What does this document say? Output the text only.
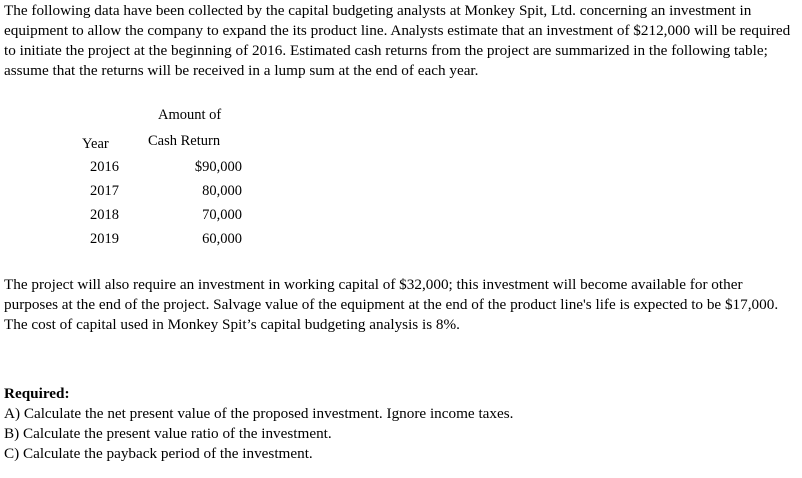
The following data have been collected by the capital budgeting analysts at Monkey Spit, Ltd. concerning an investment in equipment to allow the company to expand the its product line. Analysts estimate that an investment of $212,000 will be required to initiate the project at the beginning of 2016. Estimated cash returns from the project are summarized in the following table; assume that the returns will be received in a lump sum at the end of each year.

Amount of
Year	Cash Return
2016	$90,000
2017	80,000
2018	70,000
2019	60,000

The project will also require an investment in working capital of $32,000; this investment will become available for other purposes at the end of the project. Salvage value of the equipment at the end of the product line's life is expected to be $17,000. The cost of capital used in Monkey Spit’s capital budgeting analysis is 8%.

Required:
A) Calculate the net present value of the proposed investment. Ignore income taxes.
B) Calculate the present value ratio of the investment.
C) Calculate the payback period of the investment.
